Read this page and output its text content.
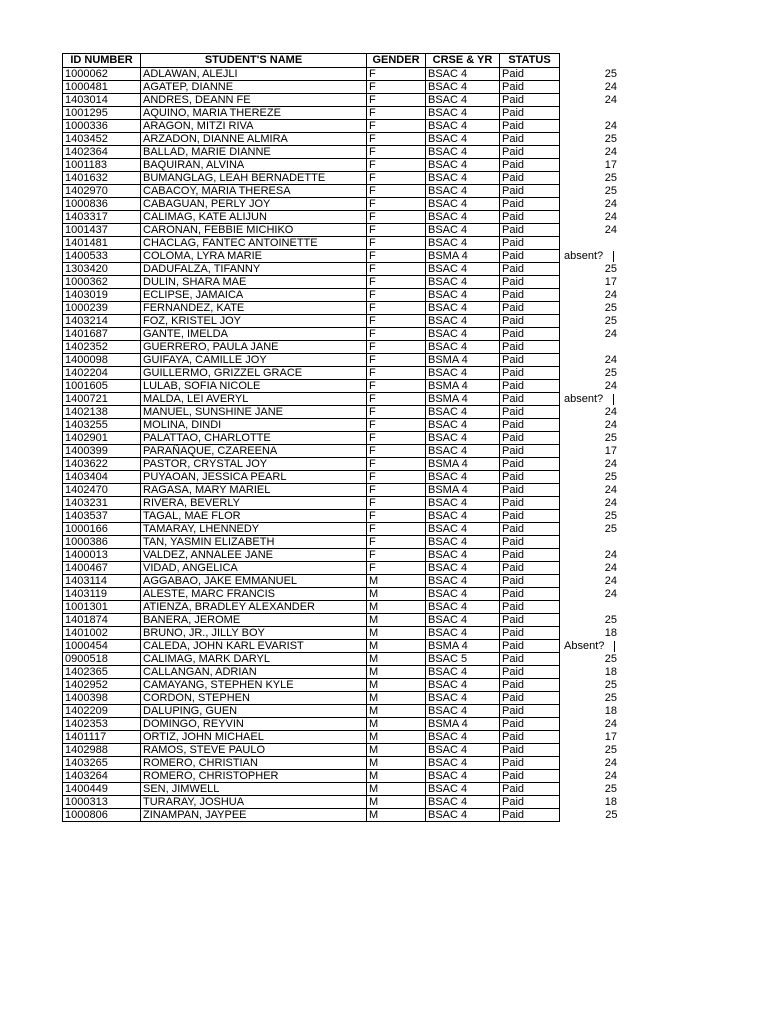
ID NUMBER	STUDENT'S NAME	GENDER	CRSE & YR	STATUS	
1000062	ADLAWAN, ALEJLI	F	BSAC 4	Paid	25
1000481	AGATEP, DIANNE	F	BSAC 4	Paid	24
1403014	ANDRES, DEANN FE	F	BSAC 4	Paid	24
1001295	AQUINO, MARIA THEREZE	F	BSAC 4	Paid	
1000336	ARAGON, MITZI RIVA	F	BSAC 4	Paid	24
1403452	ARZADON, DIANNE ALMIRA	F	BSAC 4	Paid	25
1402364	BALLAD, MARIE DIANNE	F	BSAC 4	Paid	24
1001183	BAQUIRAN, ALVINA	F	BSAC 4	Paid	17
1401632	BUMANGLAG, LEAH BERNADETTE	F	BSAC 4	Paid	25
1402970	CABACOY, MARIA THERESA	F	BSAC 4	Paid	25
1000836	CABAGUAN, PERLY JOY	F	BSAC 4	Paid	24
1403317	CALIMAG, KATE ALIJUN	F	BSAC 4	Paid	24
1001437	CARONAN, FEBBIE MICHIKO	F	BSAC 4	Paid	24
1401481	CHACLAG, FANTEC ANTOINETTE	F	BSAC 4	Paid	
1400533	COLOMA, LYRA MARIE	F	BSMA 4	Paid	absent?
1303420	DADUFALZA, TIFANNY	F	BSAC 4	Paid	25
1000362	DULIN, SHARA MAE	F	BSAC 4	Paid	17
1403019	ECLIPSE, JAMAICA	F	BSAC 4	Paid	24
1000239	FERNANDEZ, KATE	F	BSAC 4	Paid	25
1403214	FOZ, KRISTEL JOY	F	BSAC 4	Paid	25
1401687	GANTE, IMELDA	F	BSAC 4	Paid	24
1402352	GUERRERO, PAULA JANE	F	BSAC 4	Paid	
1400098	GUIFAYA, CAMILLE JOY	F	BSMA 4	Paid	24
1402204	GUILLERMO, GRIZZEL GRACE	F	BSAC 4	Paid	25
1001605	LULAB, SOFIA NICOLE	F	BSMA 4	Paid	24
1400721	MALDA, LEI AVERYL	F	BSMA 4	Paid	absent?
1402138	MANUEL, SUNSHINE JANE	F	BSAC 4	Paid	24
1403255	MOLINA, DINDI	F	BSAC 4	Paid	24
1402901	PALATTAO, CHARLOTTE	F	BSAC 4	Paid	25
1400399	PARAÑAQUE, CZAREENA	F	BSAC 4	Paid	17
1403622	PASTOR, CRYSTAL JOY	F	BSMA 4	Paid	24
1403404	PUYAOAN, JESSICA PEARL	F	BSAC 4	Paid	25
1402470	RAGASA, MARY MARIEL	F	BSMA 4	Paid	24
1403231	RIVERA, BEVERLY	F	BSAC 4	Paid	24
1403537	TAGAL, MAE FLOR	F	BSAC 4	Paid	25
1000166	TAMARAY, LHENNEDY	F	BSAC 4	Paid	25
1000386	TAN, YASMIN ELIZABETH	F	BSAC 4	Paid	
1400013	VALDEZ, ANNALEE JANE	F	BSAC 4	Paid	24
1400467	VIDAD, ANGELICA	F	BSAC 4	Paid	24
1403114	AGGABAO, JAKE EMMANUEL	M	BSAC 4	Paid	24
1403119	ALESTE, MARC FRANCIS	M	BSAC 4	Paid	24
1001301	ATIENZA, BRADLEY ALEXANDER	M	BSAC 4	Paid	
1401874	BANERA, JEROME	M	BSAC 4	Paid	25
1401002	BRUNO, JR., JILLY BOY	M	BSAC 4	Paid	18
1000454	CALEDA, JOHN KARL EVARIST	M	BSMA 4	Paid	Absent?
0900518	CALIMAG, MARK DARYL	M	BSAC 5	Paid	25
1402365	CALLANGAN, ADRIAN	M	BSAC 4	Paid	18
1402952	CAMAYANG, STEPHEN KYLE	M	BSAC 4	Paid	25
1400398	CORDON, STEPHEN	M	BSAC 4	Paid	25
1402209	DALUPING, GUEN	M	BSAC 4	Paid	18
1402353	DOMINGO, REYVIN	M	BSMA 4	Paid	24
1401117	ORTIZ, JOHN MICHAEL	M	BSAC 4	Paid	17
1402988	RAMOS, STEVE PAULO	M	BSAC 4	Paid	25
1403265	ROMERO, CHRISTIAN	M	BSAC 4	Paid	24
1403264	ROMERO, CHRISTOPHER	M	BSAC 4	Paid	24
1400449	SEN, JIMWELL	M	BSAC 4	Paid	25
1000313	TURARAY, JOSHUA	M	BSAC 4	Paid	18
1000806	ZINAMPAN, JAYPEE	M	BSAC 4	Paid	25
